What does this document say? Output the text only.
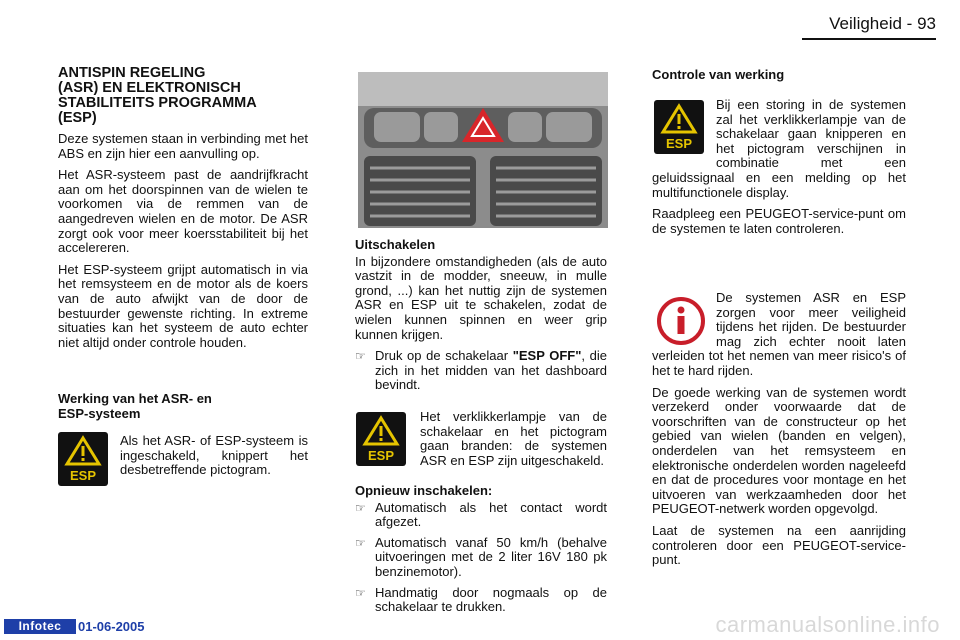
Veiligheid - 93
ANTISPIN REGELING
(ASR) EN ELEKTRONISCH
STABILITEITS PROGRAMMA
(ESP)

Deze systemen staan in verbinding met het ABS en zijn hier een aanvulling op.

Het ASR-systeem past de aandrijfkracht aan om het doorspinnen van de wielen te voorkomen via de remmen van de aangedreven wielen en de motor. De ASR zorgt ook voor meer koersstabiliteit bij het accelereren.

Het ESP-systeem grijpt automatisch in via het remsysteem en de motor als de koers van de auto afwijkt van de door de bestuurder gewenste richting. In extreme situaties kan het systeem de auto echter niet altijd onder controle houden.

Werking van het ASR- en
ESP-systeem
ESP
Als het ASR- of ESP-systeem is ingeschakeld, knippert het desbetreffende pictogram.
Uitschakelen

In bijzondere omstandigheden (als de auto vastzit in de modder, sneeuw, in mulle grond, ...) kan het nuttig zijn de systemen ASR en ESP uit te schakelen, zodat de wielen kunnen spinnen en weer grip kunnen krijgen.

☞ Druk op de schakelaar "ESP OFF", die zich in het midden van het dashboard bevindt.
ESP
Het verklikkerlampje van de schakelaar en het pictogram gaan branden: de systemen ASR en ESP zijn uitgeschakeld.
Opnieuw inschakelen:
☞ Automatisch als het contact wordt afgezet.
☞ Automatisch vanaf 50 km/h (behalve uitvoeringen met de 2 liter 16V 180 pk benzinemotor).
☞ Handmatig door nogmaals op de schakelaar te drukken.
Controle van werking
ESP

Bij een storing in de systemen zal het verklikkerlampje van de schakelaar gaan knipperen en het pictogram verschijnen in combinatie met een geluidssignaal en een melding op het multifunctionele display.

Raadpleeg een PEUGEOT-service-punt om de systemen te laten controleren.

De systemen ASR en ESP zorgen voor meer veiligheid tijdens het rijden. De bestuurder mag zich echter nooit laten verleiden tot het nemen van meer risico's of het te hard rijden.

De goede werking van de systemen wordt verzekerd onder voorwaarde dat de voorschriften van de constructeur op het gebied van wielen (banden en velgen), onderdelen van het remsysteem en elektronische onderdelen worden nageleefd en dat de procedures voor montage en het uitvoeren van werkzaamheden door het PEUGEOT-netwerk worden opgevolgd.

Laat de systemen na een aanrijding controleren door een PEUGEOT-service-punt.

Infotec	01-06-2005	carmanualsonline.info
